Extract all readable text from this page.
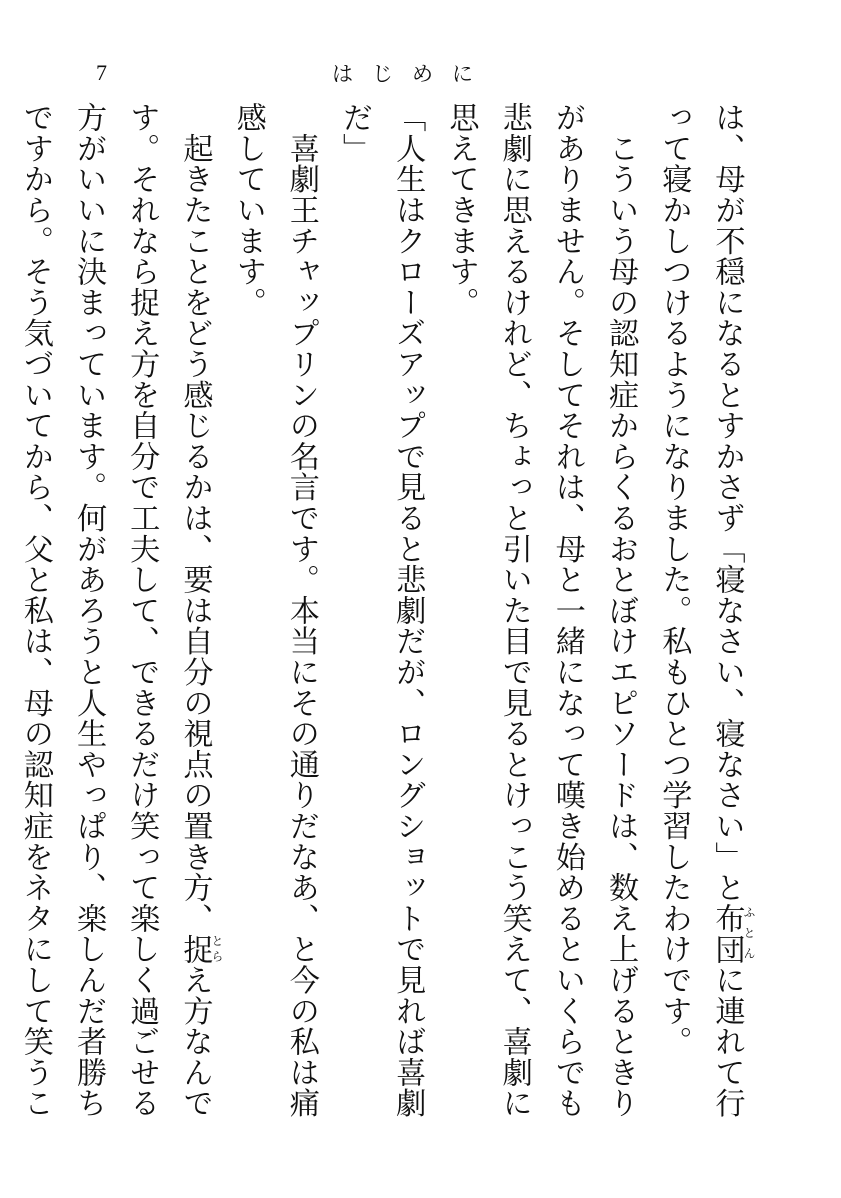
7	はじめに
は、母が不穏になるとすかさず「寝なさい、寝なさい」と布団ふとんに連れて行って寝かしつけるようになりました。私もひとつ学習したわけです。
　こういう母の認知症からくるおとぼけエピソードは、数え上げるときりがありません。そしてそれは、母と一緒になって嘆き始めるといくらでも悲劇に思えるけれど、ちょっと引いた目で見るとけっこう笑えて、喜劇に思えてきます。
「人生はクローズアップで見ると悲劇だが、ロングショットで見れば喜劇だ」
　喜劇王チャップリンの名言です。本当にその通りだなあ、と今の私は痛感しています。
　起きたことをどう感じるかは、要は自分の視点の置き方、捉とらえ方なんです。それなら捉え方を自分で工夫して、できるだけ笑って楽しく過ごせる方がいいに決まっています。何があろうと人生やっぱり、楽しんだ者勝ちですから。そう気づいてから、父と私は、母の認知症をネタにして笑うこ
